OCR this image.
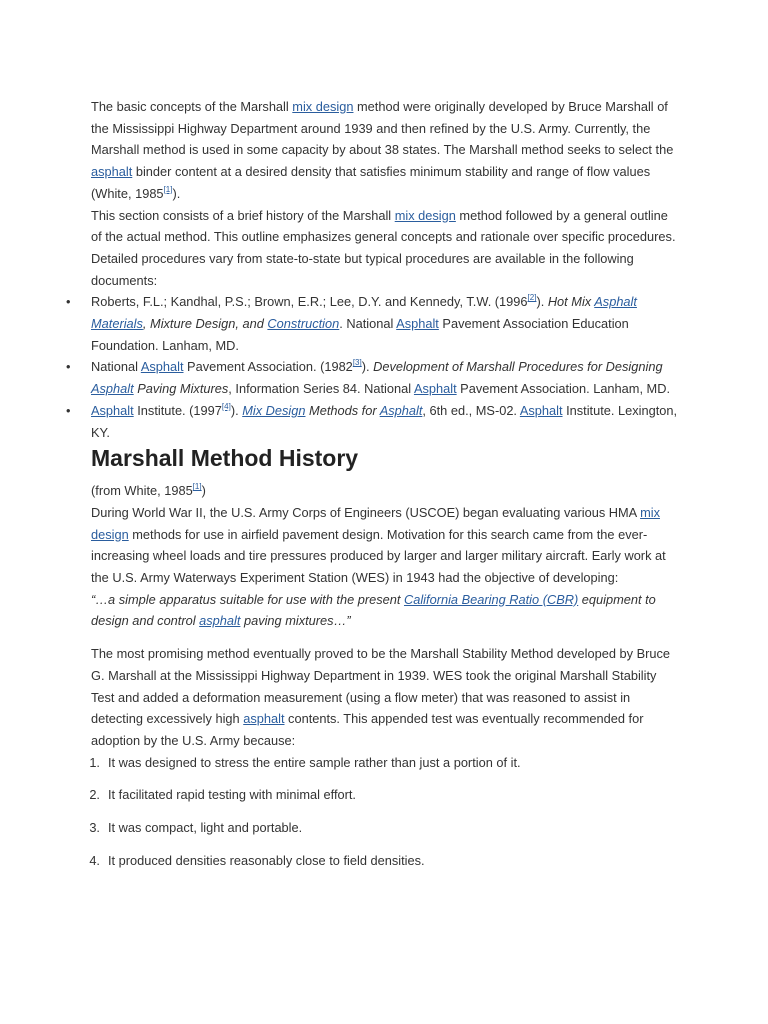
The basic concepts of the Marshall mix design method were originally developed by Bruce Marshall of the Mississippi Highway Department around 1939 and then refined by the U.S. Army. Currently, the Marshall method is used in some capacity by about 38 states. The Marshall method seeks to select the asphalt binder content at a desired density that satisfies minimum stability and range of flow values (White, 1985[1]).

This section consists of a brief history of the Marshall mix design method followed by a general outline of the actual method. This outline emphasizes general concepts and rationale over specific procedures. Detailed procedures vary from state-to-state but typical procedures are available in the following documents:

• Roberts, F.L.; Kandhal, P.S.; Brown, E.R.; Lee, D.Y. and Kennedy, T.W. (1996[2]). Hot Mix Asphalt Materials, Mixture Design, and Construction. National Asphalt Pavement Association Education Foundation. Lanham, MD.
• National Asphalt Pavement Association. (1982[3]). Development of Marshall Procedures for Designing Asphalt Paving Mixtures, Information Series 84. National Asphalt Pavement Association. Lanham, MD.
• Asphalt Institute. (1997[4]). Mix Design Methods for Asphalt, 6th ed., MS-02. Asphalt Institute. Lexington, KY.
Marshall Method History

(from White, 1985[1])

During World War II, the U.S. Army Corps of Engineers (USCOE) began evaluating various HMA mix design methods for use in airfield pavement design. Motivation for this search came from the ever-increasing wheel loads and tire pressures produced by larger and larger military aircraft. Early work at the U.S. Army Waterways Experiment Station (WES) in 1943 had the objective of developing:

“…a simple apparatus suitable for use with the present California Bearing Ratio (CBR) equipment to design and control asphalt paving mixtures…”

The most promising method eventually proved to be the Marshall Stability Method developed by Bruce G. Marshall at the Mississippi Highway Department in 1939. WES took the original Marshall Stability Test and added a deformation measurement (using a flow meter) that was reasoned to assist in detecting excessively high asphalt contents. This appended test was eventually recommended for adoption by the U.S. Army because:

1. It was designed to stress the entire sample rather than just a portion of it.
2. It facilitated rapid testing with minimal effort.
3. It was compact, light and portable.
4. It produced densities reasonably close to field densities.
